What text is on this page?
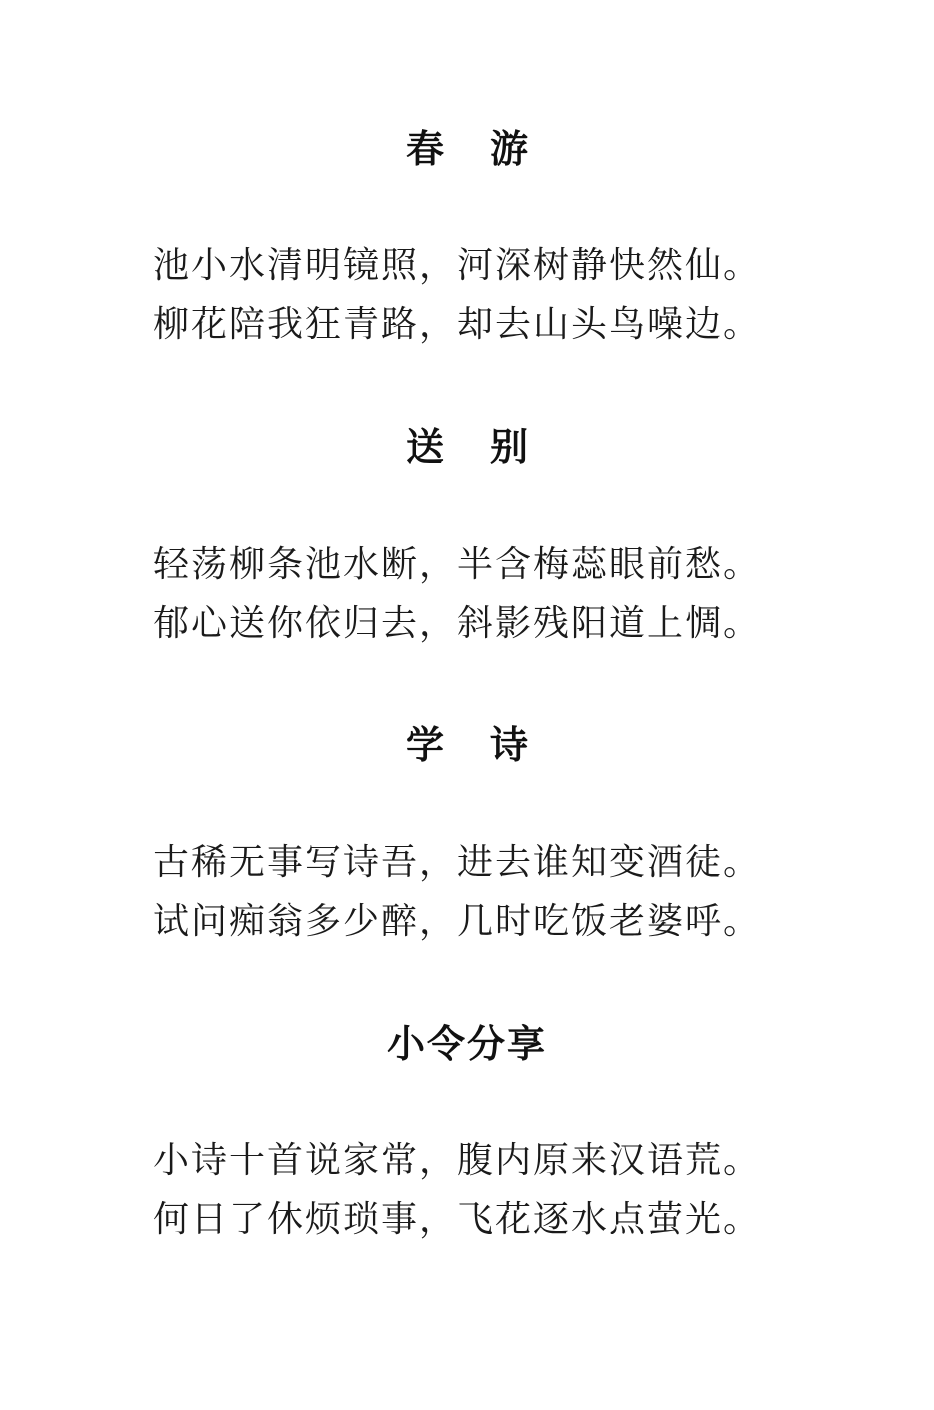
春游
池小水清明镜照，河深树静快然仙。
柳花陪我狂青路，却去山头鸟噪边。
送别
轻荡柳条池水断，半含梅蕊眼前愁。
郁心送你依归去，斜影残阳道上惆。
学诗
古稀无事写诗吾，进去谁知变酒徒。
试问痴翁多少醉，几时吃饭老婆呼。
小令分享
小诗十首说家常，腹内原来汉语荒。
何日了休烦琐事，飞花逐水点萤光。
